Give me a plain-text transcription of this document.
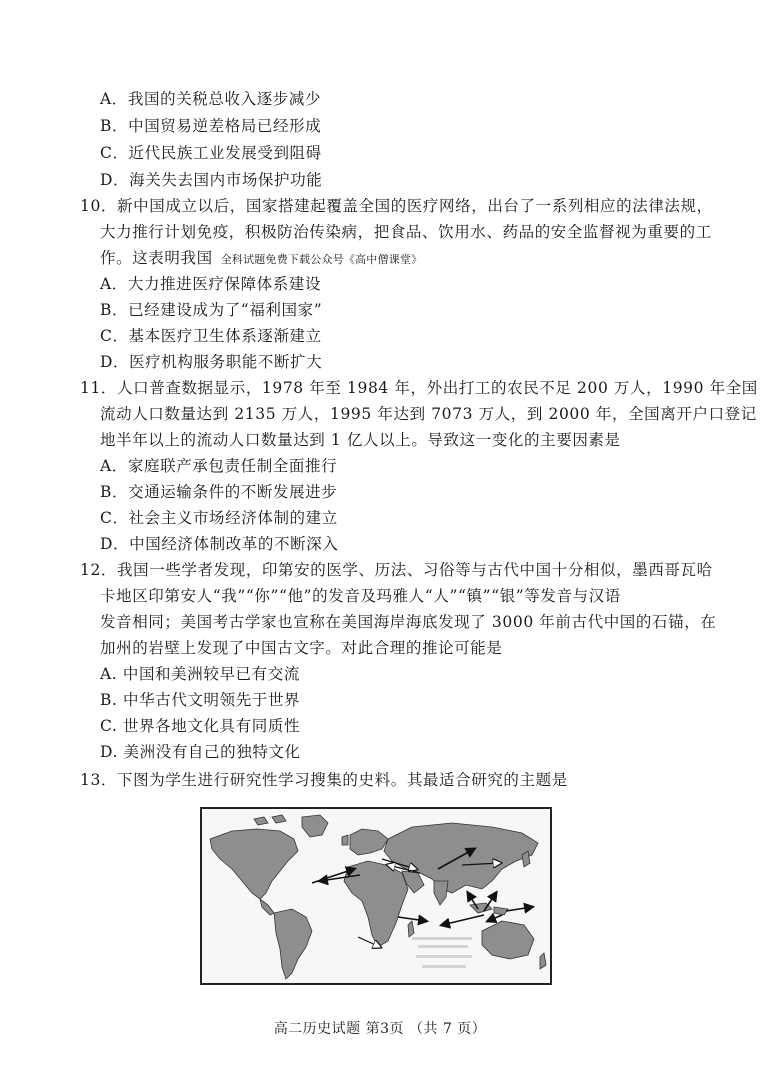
A．我国的关税总收入逐步减少
B．中国贸易逆差格局已经形成
C．近代民族工业发展受到阻碍
D．海关失去国内市场保护功能
10．新中国成立以后，国家搭建起覆盖全国的医疗网络，出台了一系列相应的法律法规，
大力推行计划免疫，积极防治传染病，把食品、饮用水、药品的安全监督视为重要的工
作。这表明我国 全科试题免费下载公众号《高中僧课堂》
A．大力推进医疗保障体系建设
B．已经建设成为了“福利国家”
C．基本医疗卫生体系逐渐建立
D．医疗机构服务职能不断扩大
11．人口普查数据显示，1978 年至 1984 年，外出打工的农民不足 200 万人，1990 年全国
流动人口数量达到 2135 万人，1995 年达到 7073 万人，到 2000 年，全国离开户口登记
地半年以上的流动人口数量达到 1 亿人以上。导致这一变化的主要因素是
A．家庭联产承包责任制全面推行
B．交通运输条件的不断发展进步
C．社会主义市场经济体制的建立
D．中国经济体制改革的不断深入
12．我国一些学者发现，印第安的医学、历法、习俗等与古代中国十分相似，墨西哥瓦哈
卡地区印第安人“我”“你”“他”的发音及玛雅人“人”“镇”“银”等发音与汉语
发音相同；美国考古学家也宣称在美国海岸海底发现了 3000 年前古代中国的石锚，在
加州的岩壁上发现了中国古文字。对此合理的推论可能是
A. 中国和美洲较早已有交流
B. 中华古代文明领先于世界
C. 世界各地文化具有同质性
D. 美洲没有自己的独特文化
13．下图为学生进行研究性学习搜集的史料。其最适合研究的主题是
高二历史试题 第3页 （共 7 页）
